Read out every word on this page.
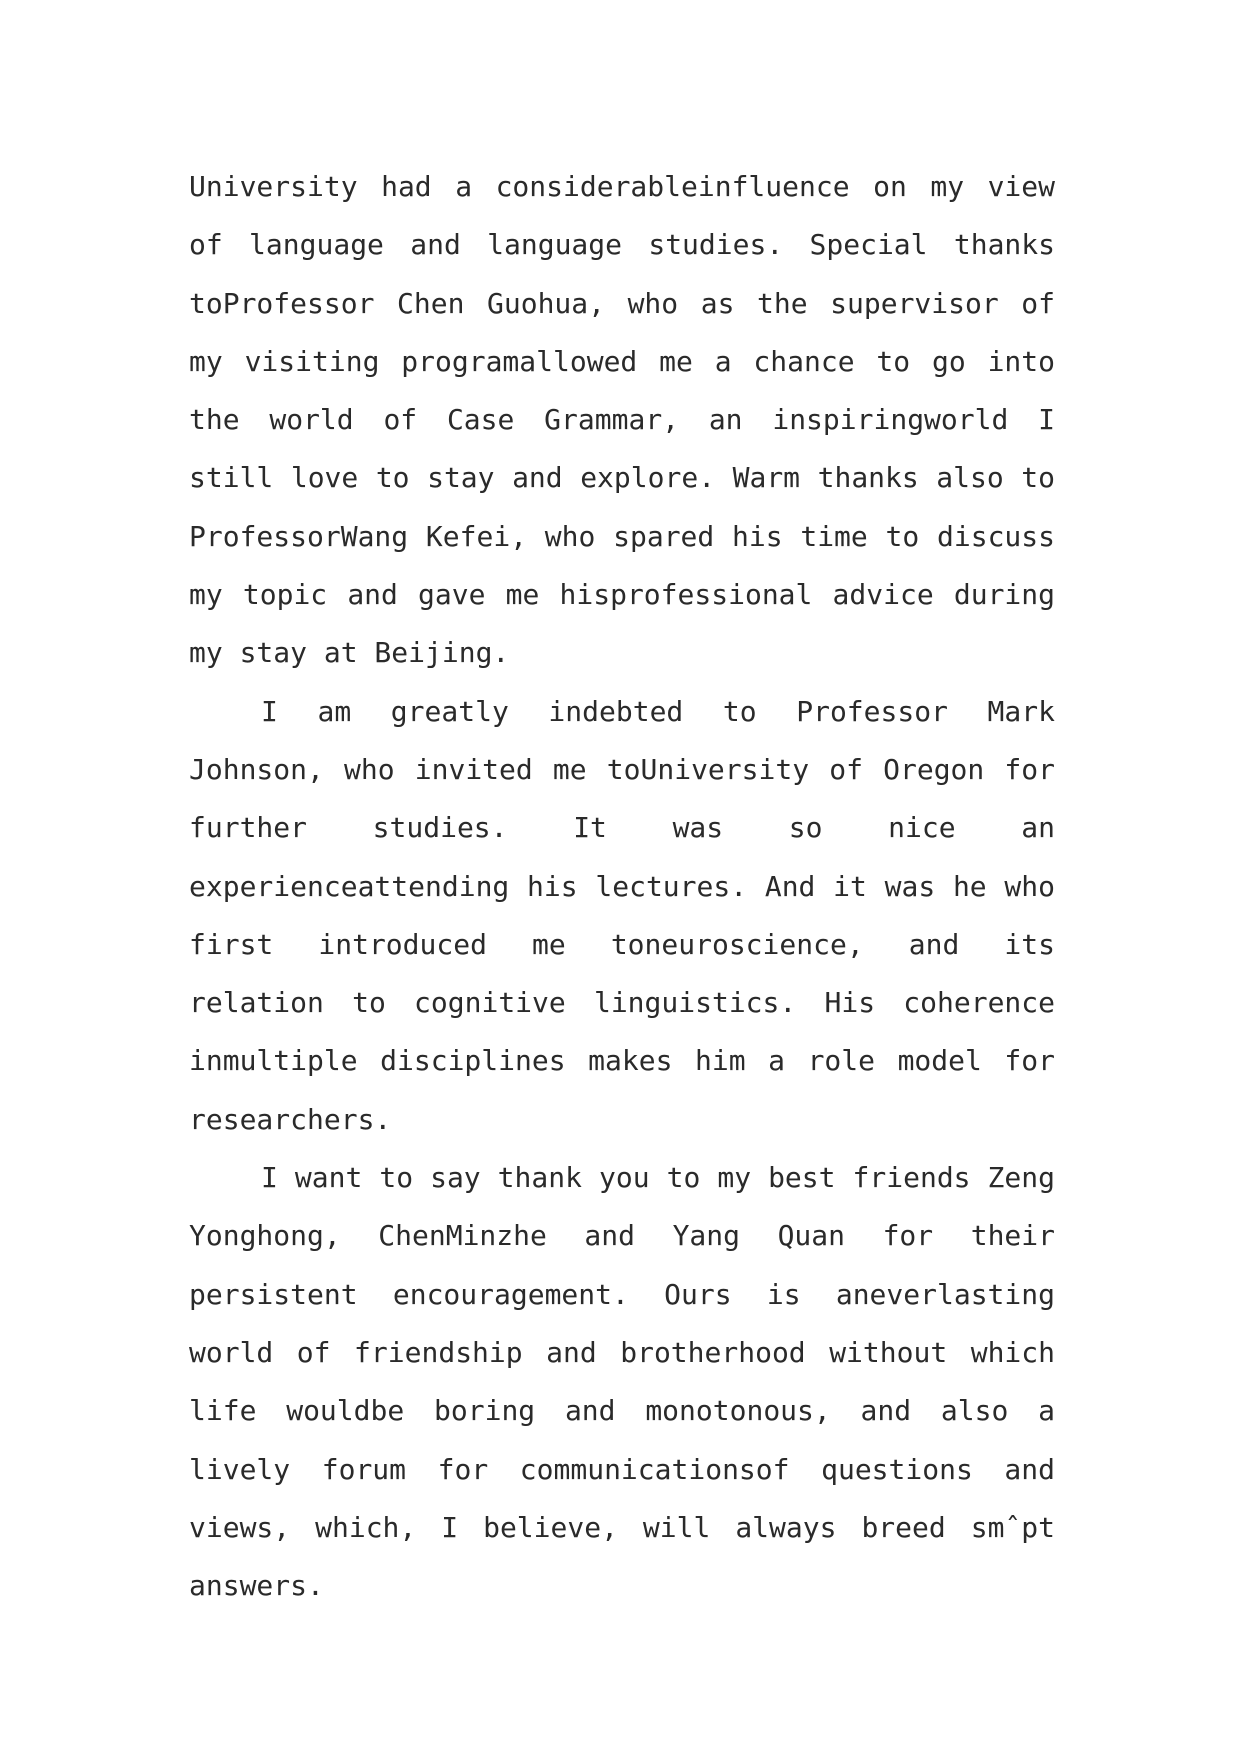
University had a considerableinfluence on my view of language and language studies. Special thanks toProfessor Chen Guohua, who as the supervisor of my visiting programallowed me a chance to go into the world of Case Grammar, an inspiringworld I still love to stay and explore. Warm thanks also to ProfessorWang Kefei, who spared his time to discuss my topic and gave me hisprofessional advice during my stay at Beijing.

I am greatly indebted to Professor Mark Johnson, who invited me toUniversity of Oregon for further studies. It was so nice an experienceattending his lectures. And it was he who first introduced me toneuroscience, and its relation to cognitive linguistics. His coherence inmultiple disciplines makes him a role model for researchers.

I want to say thank you to my best friends Zeng Yonghong, ChenMinzhe and Yang Quan for their persistent encouragement. Ours is aneverlasting world of friendship and brotherhood without which life wouldbe boring and monotonous, and also a lively forum for communicationsof questions and views, which, I believe, will always breed smˆpt answers.
